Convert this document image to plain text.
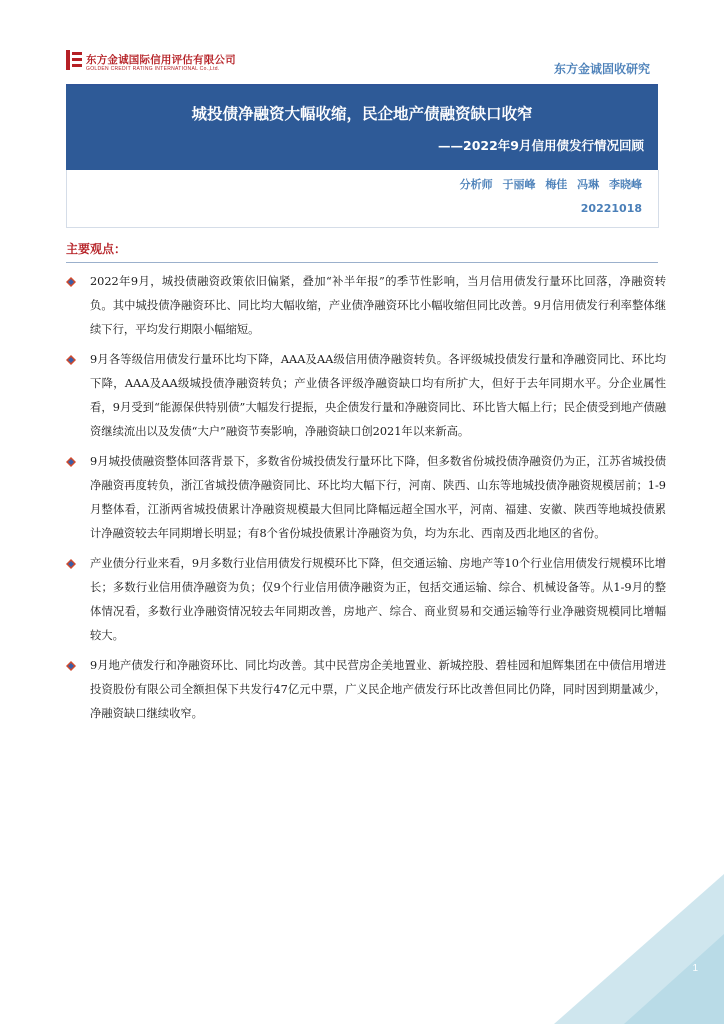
东方金诚国际信用评估有限公司
GOLDEN CREDIT RATING INTERNATIONAL Co.,Ltd.	东方金诚固收研究
城投债净融资大幅收缩，民企地产债融资缺口收窄
——2022年9月信用债发行情况回顾
分析师 于丽峰 梅佳 冯琳 李晓峰
20221018
主要观点：
2022年9月，城投债融资政策依旧偏紧，叠加“补半年报”的季节性影响，当月信用债发行量环比回落，净融资转负。其中城投债净融资环比、同比均大幅收缩，产业债净融资环比小幅收缩但同比改善。9月信用债发行利率整体继续下行，平均发行期限小幅缩短。
9月各等级信用债发行量环比均下降，AAA及AA级信用债净融资转负。各评级城投债发行量和净融资同比、环比均下降，AAA及AA级城投债净融资转负；产业债各评级净融资缺口均有所扩大，但好于去年同期水平。分企业属性看，9月受到“能源保供特别债”大幅发行提振，央企债发行量和净融资同比、环比皆大幅上行；民企债受到地产债融资继续流出以及发债“大户”融资节奏影响，净融资缺口创2021年以来新高。
9月城投债融资整体回落背景下，多数省份城投债发行量环比下降，但多数省份城投债净融资仍为正，江苏省城投债净融资再度转负，浙江省城投债净融资同比、环比均大幅下行，河南、陕西、山东等地城投债净融资规模居前；1-9月整体看，江浙两省城投债累计净融资规模最大但同比降幅远超全国水平，河南、福建、安徽、陕西等地城投债累计净融资较去年同期增长明显；有8个省份城投债累计净融资为负，均为东北、西南及西北地区的省份。
产业债分行业来看，9月多数行业信用债发行规模环比下降，但交通运输、房地产等10个行业信用债发行规模环比增长；多数行业信用债净融资为负；仅9个行业信用债净融资为正，包括交通运输、综合、机械设备等。从1-9月的整体情况看，多数行业净融资情况较去年同期改善，房地产、综合、商业贸易和交通运输等行业净融资规模同比增幅较大。
9月地产债发行和净融资环比、同比均改善。其中民营房企美地置业、新城控股、碧桂园和旭辉集团在中债信用增进投资股份有限公司全额担保下共发行47亿元中票，广义民企地产债发行环比改善但同比仍降，同时因到期量减少，净融资缺口继续收窄。
1
